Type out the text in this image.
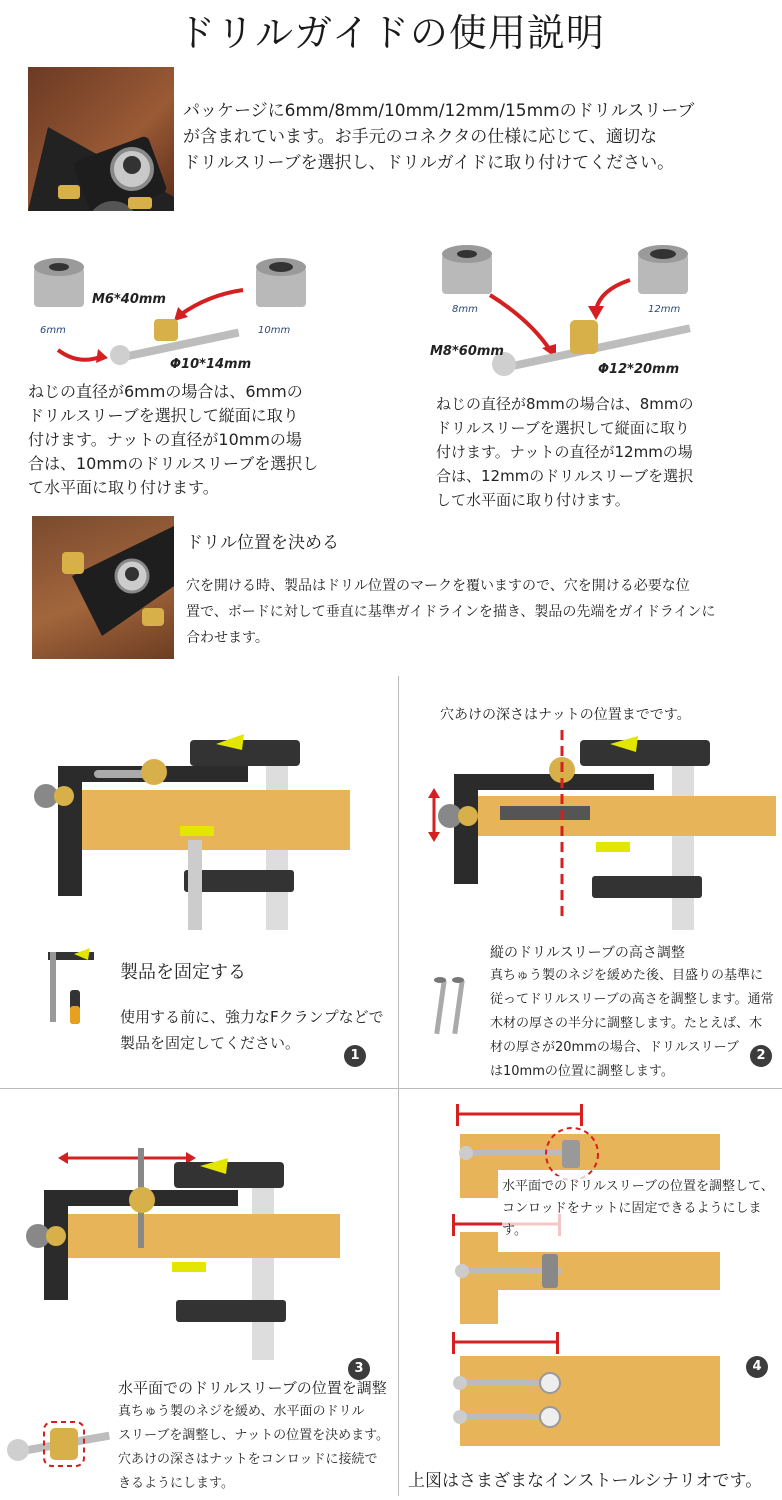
ドリルガイドの使用説明
パッケージに6mm/8mm/10mm/12mm/15mmのドリルスリーブ
が含まれています。お手元のコネクタの仕様に応じて、適切な
ドリルスリーブを選択し、ドリルガイドに取り付けてください。
6mm	10mm
M6*40mm
Φ10*14mm
ねじの直径が6mmの場合は、6mmの
ドリルスリーブを選択して縦面に取り
付けます。ナットの直径が10mmの場
合は、10mmのドリルスリーブを選択し
て水平面に取り付けます。
8mm	12mm
M8*60mm
Φ12*20mm
ねじの直径が8mmの場合は、8mmの
ドリルスリーブを選択して縦面に取り
付けます。ナットの直径が12mmの場
合は、12mmのドリルスリーブを選択
して水平面に取り付けます。
ドリル位置を決める
穴を開ける時、製品はドリル位置のマークを覆いますので、穴を開ける必要な位
置で、ボードに対して垂直に基準ガイドラインを描き、製品の先端をガイドラインに
合わせます。
製品を固定する
使用する前に、強力なFクランプなどで
製品を固定してください。
1
穴あけの深さはナットの位置までです。
縦のドリルスリーブの高さ調整
真ちゅう製のネジを緩めた後、目盛りの基準に
従ってドリルスリーブの高さを調整します。通常
木材の厚さの半分に調整します。たとえば、木
材の厚さが20mmの場合、ドリルスリーブ
は10mmの位置に調整します。
2
3
水平面でのドリルスリーブの位置を調整
真ちゅう製のネジを緩め、水平面のドリル
スリーブを調整し、ナットの位置を決めます。
穴あけの深さはナットをコンロッドに接続で
きるようにします。
水平面でのドリルスリーブの位置を調整して、
コンロッドをナットに固定できるようにします。
4
上図はさまざまなインストールシナリオです。
